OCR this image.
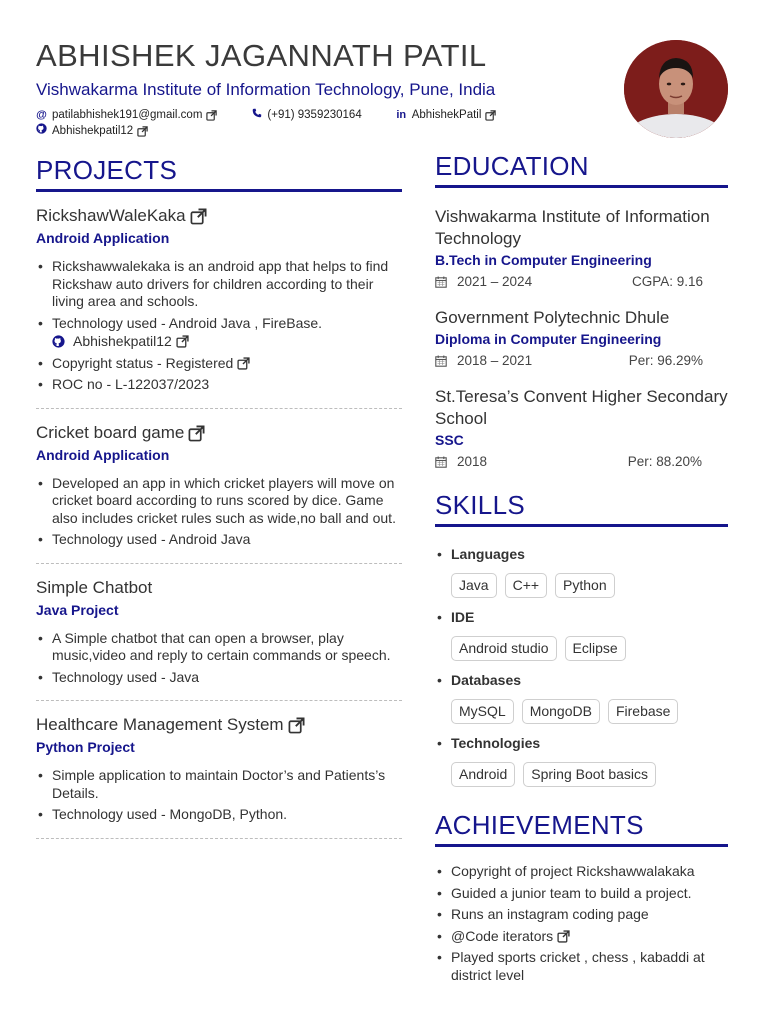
ABHISHEK JAGANNATH PATIL
Vishwakarma Institute of Information Technology, Pune, India
@ patilabhishek191@gmail.com	(+91) 9359230164	in AbhishekPatil
Abhishekpatil12
PROJECTS
RickshawWaleKaka
Android Application
• Rickshawwalekaka is an android app that helps to find Rickshaw auto drivers for children according to their living area and schools.
• Technology used - Android Java , FireBase.
Abhishekpatil12
• Copyright status - Registered
• ROC no - L-122037/2023
Cricket board game
Android Application
• Developed an app in which cricket players will move on cricket board according to runs scored by dice. Game also includes cricket rules such as wide,no ball and out.
• Technology used - Android Java
Simple Chatbot
Java Project
• A Simple chatbot that can open a browser, play music,video and reply to certain commands or speech.
• Technology used - Java
Healthcare Management System
Python Project
• Simple application to maintain Doctor’s and Patients’s Details.
• Technology used - MongoDB, Python.
EDUCATION
Vishwakarma Institute of Information Technology
B.Tech in Computer Engineering
2021 – 2024	CGPA: 9.16
Government Polytechnic Dhule
Diploma in Computer Engineering
2018 – 2021	Per: 96.29%
St.Teresa’s Convent Higher Secondary School
SSC
2018	Per: 88.20%
SKILLS
• Languages
Java	C++	Python
• IDE
Android studio	Eclipse
• Databases
MySQL	MongoDB	Firebase
• Technologies
Android	Spring Boot basics
ACHIEVEMENTS
• Copyright of project Rickshawwalakaka
• Guided a junior team to build a project.
• Runs an instagram coding page
• @Code iterators
• Played sports cricket , chess , kabaddi at district level
